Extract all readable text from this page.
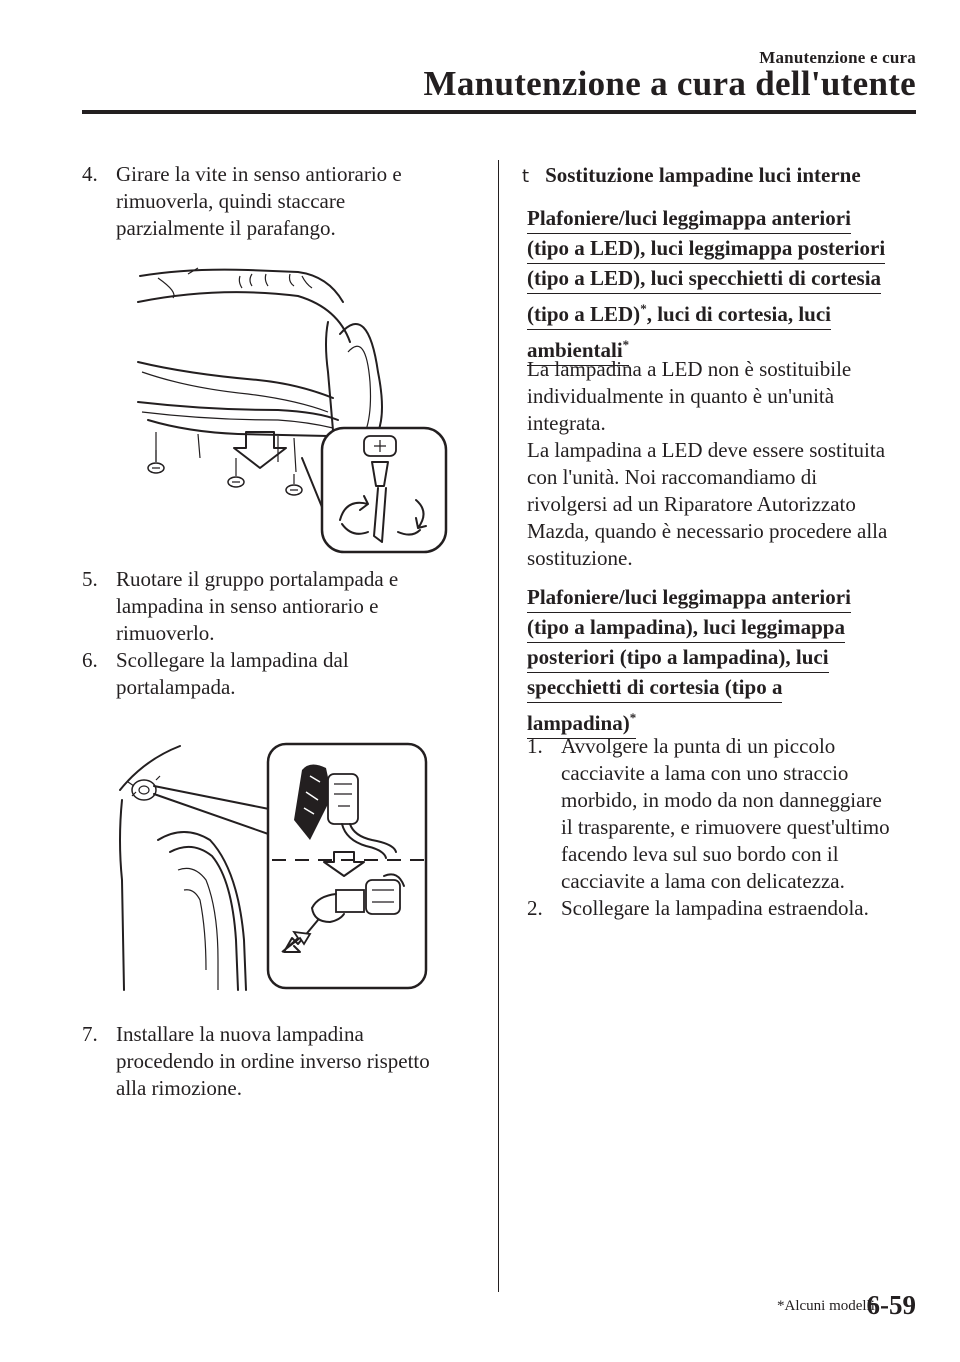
Manutenzione e cura
Manutenzione a cura dell'utente
4. Girare la vite in senso antiorario e
rimuoverla, quindi staccare
parzialmente il parafango.
5. Ruotare il gruppo portalampada e
lampadina in senso antiorario e
rimuoverlo.
6. Scollegare la lampadina dal
portalampada.
7. Installare la nuova lampadina
procedendo in ordine inverso rispetto
alla rimozione.
t Sostituzione lampadine luci interne
Plafoniere/luci leggimappa anteriori
(tipo a LED), luci leggimappa posteriori
(tipo a LED), luci specchietti di cortesia
(tipo a LED)*, luci di cortesia, luci
ambientali*
La lampadina a LED non è sostituibile
individualmente in quanto è un'unità
integrata.
La lampadina a LED deve essere sostituita
con l'unità. Noi raccomandiamo di
rivolgersi ad un Riparatore Autorizzato
Mazda, quando è necessario procedere alla
sostituzione.
Plafoniere/luci leggimappa anteriori
(tipo a lampadina), luci leggimappa
posteriori (tipo a lampadina), luci
specchietti di cortesia (tipo a
lampadina)*
1. Avvolgere la punta di un piccolo
cacciavite a lama con uno straccio
morbido, in modo da non danneggiare
il trasparente, e rimuovere quest'ultimo
facendo leva sul suo bordo con il
cacciavite a lama con delicatezza.
2. Scollegare la lampadina estraendola.
*Alcuni modelli.
6-59
